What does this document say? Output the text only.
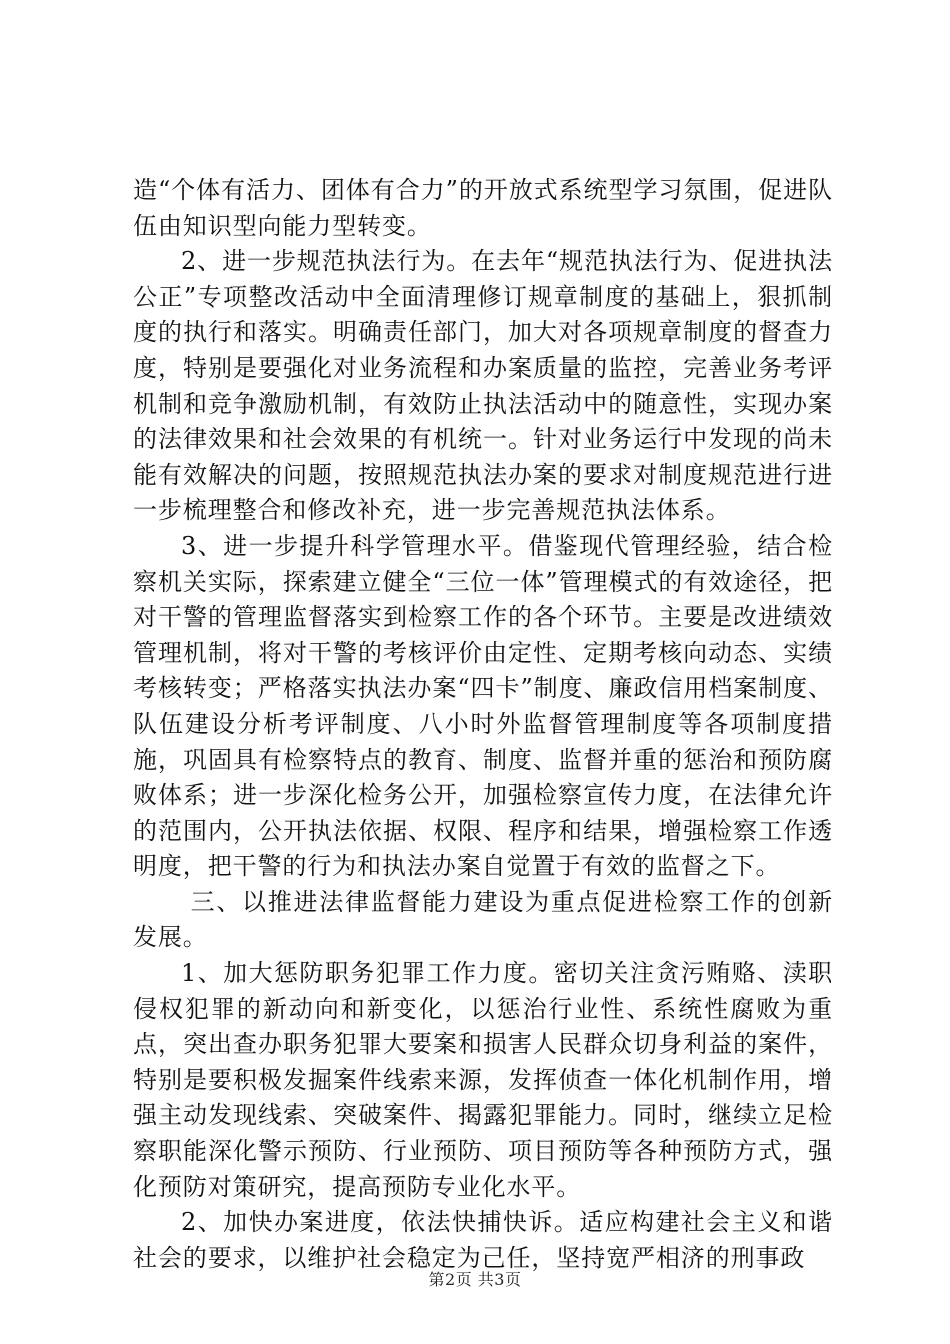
造“个体有活力、团体有合力”的开放式系统型学习氛围，促进队伍由知识型向能力型转变。

2、进一步规范执法行为。在去年“规范执法行为、促进执法公正”专项整改活动中全面清理修订规章制度的基础上，狠抓制度的执行和落实。明确责任部门，加大对各项规章制度的督查力度，特别是要强化对业务流程和办案质量的监控，完善业务考评机制和竞争激励机制，有效防止执法活动中的随意性，实现办案的法律效果和社会效果的有机统一。针对业务运行中发现的尚未能有效解决的问题，按照规范执法办案的要求对制度规范进行进一步梳理整合和修改补充，进一步完善规范执法体系。

3、进一步提升科学管理水平。借鉴现代管理经验，结合检察机关实际，探索建立健全“三位一体”管理模式的有效途径，把对干警的管理监督落实到检察工作的各个环节。主要是改进绩效管理机制，将对干警的考核评价由定性、定期考核向动态、实绩考核转变；严格落实执法办案“四卡”制度、廉政信用档案制度、队伍建设分析考评制度、八小时外监督管理制度等各项制度措施，巩固具有检察特点的教育、制度、监督并重的惩治和预防腐败体系；进一步深化检务公开，加强检察宣传力度，在法律允许的范围内，公开执法依据、权限、程序和结果，增强检察工作透明度，把干警的行为和执法办案自觉置于有效的监督之下。

三、以推进法律监督能力建设为重点促进检察工作的创新发展。

1、加大惩防职务犯罪工作力度。密切关注贪污贿赂、渎职侵权犯罪的新动向和新变化，以惩治行业性、系统性腐败为重点，突出查办职务犯罪大要案和损害人民群众切身利益的案件，特别是要积极发掘案件线索来源，发挥侦查一体化机制作用，增强主动发现线索、突破案件、揭露犯罪能力。同时，继续立足检察职能深化警示预防、行业预防、项目预防等各种预防方式，强化预防对策研究，提高预防专业化水平。

2、加快办案进度，依法快捕快诉。适应构建社会主义和谐社会的要求，以维护社会稳定为己任，坚持宽严相济的刑事政

第2页 共3页
